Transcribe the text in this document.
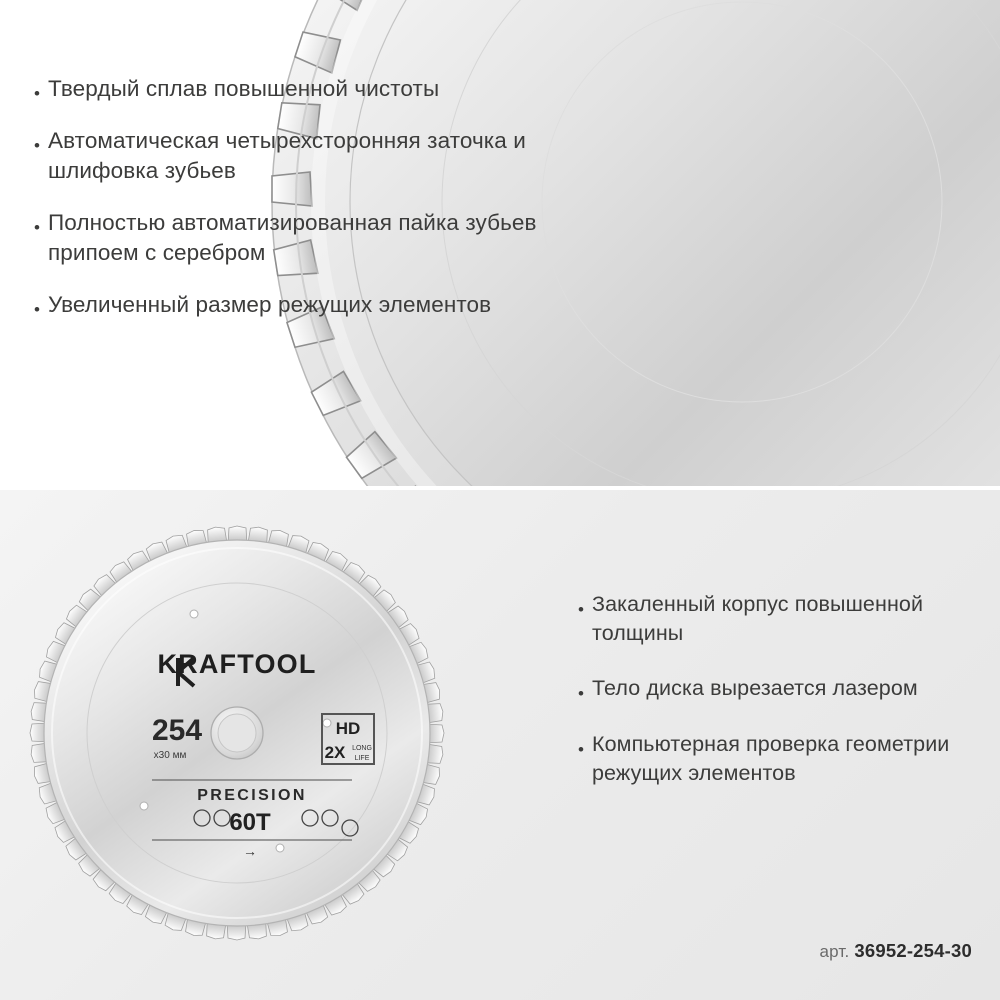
• Твердый сплав повышенной чистоты
• Автоматическая четырехсторонняя заточка и шлифовка зубьев
• Полностью автоматизированная пайка зубьев припоем с серебром
• Увеличенный размер режущих элементов
KRAFTOOL
254
x30 мм
HD
2X LONG
LIFE
PRECISION
60T
→
• Закаленный корпус повышенной толщины
• Тело диска вырезается лазером
• Компьютерная проверка геометрии режущих элементов
арт. 36952-254-30
